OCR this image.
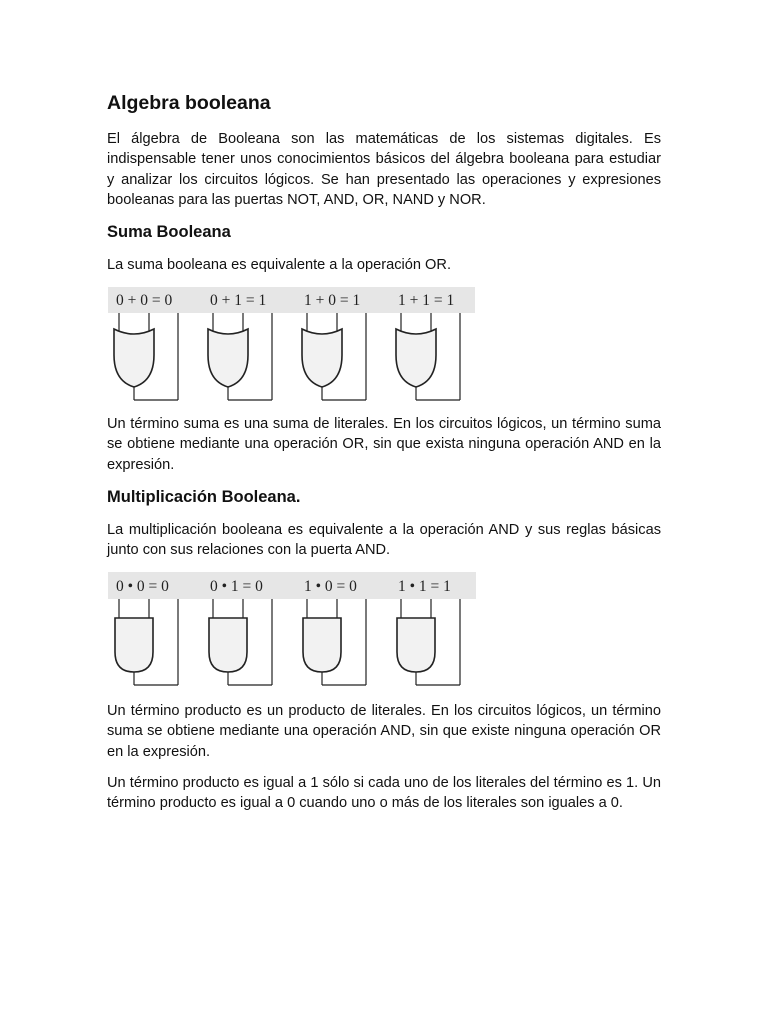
Algebra booleana

El álgebra de Booleana son las matemáticas de los sistemas digitales. Es indispensable tener unos conocimientos básicos del álgebra booleana para estudiar y analizar los circuitos lógicos. Se han presentado las operaciones y expresiones booleanas para las puertas NOT, AND, OR, NAND y NOR.

Suma Booleana

La suma booleana es equivalente a la operación OR.

0 + 0 = 0 0 + 1 = 1 1 + 0 = 1 1 + 1 = 1

Un término suma es una suma de literales. En los circuitos lógicos, un término suma se obtiene mediante una operación OR, sin que exista ninguna operación AND en la expresión.

Multiplicación Booleana.

La multiplicación booleana es equivalente a la operación AND y sus reglas básicas junto con sus relaciones con la puerta AND.

0 • 0 = 0	0 • 1 = 0	1 • 0 = 0	1 • 1 = 1

Un término producto es un producto de literales. En los circuitos lógicos, un término suma se obtiene mediante una operación AND, sin que existe ninguna operación OR en la expresión.

Un término producto es igual a 1 sólo si cada uno de los literales del término es 1. Un término producto es igual a 0 cuando uno o más de los literales son iguales a 0.
